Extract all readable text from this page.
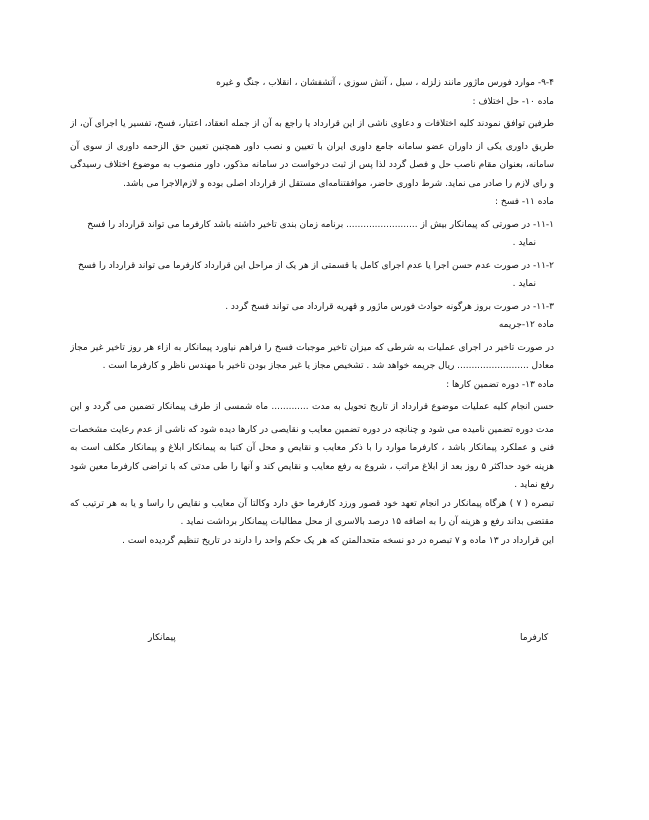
۹-۴- موارد فورس ماژور مانند زلزله ، سیل ، آتش سوزی ، آتشفشان ، انقلاب ، جنگ و غیره
ماده ۱۰- حل اختلاف :
طرفین توافق نمودند کلیه اختلافات و دعاوی ناشی از این قرارداد یا راجع به آن از جمله انعقاد، اعتبار، فسخ، تفسیر یا اجرای آن، از
طریق داوری یکی از داوران عضو سامانه جامع داوری ایران با تعیین و نصب داور همچنین تعیین حق الزحمه داوری از سوی آن
سامانه، بعنوان مقام ناصب حل و فصل گردد لذا پس از ثبت درخواست در سامانه مذکور، داور منصوب به موضوع اختلاف رسیدگی
و رای لازم را صادر می نماید. شرط داوری حاضر، موافقتنامه‌ای مستقل از قرارداد اصلی بوده و لازم‌الاجرا می باشد.
ماده ۱۱- فسخ :
۱۱-۱- در صورتی که پیمانکار بیش از ......................... برنامه زمان بندی تاخیر داشته باشد کارفرما می تواند قرارداد را فسخ
نماید .
۱۱-۲- در صورت عدم حسن اجرا یا عدم اجرای کامل یا قسمتی از هر یک از مراحل این قرارداد کارفرما می تواند قرارداد را فسخ
نماید .
۱۱-۳- در صورت بروز هرگونه حوادث فورس ماژور و قهریه قرارداد می تواند فسخ گردد .
ماده ۱۲-جریمه
در صورت تاخیر در اجرای عملیات به شرطی که میزان تاخیر موجبات فسخ را فراهم نیاورد پیمانکار به ازاء هر روز تاخیر غیر مجاز
معادل ......................... ریال جریمه خواهد شد . تشخیص مجاز یا غیر مجاز بودن تاخیر با مهندس ناظر و کارفرما است .
ماده ۱۳- دوره تضمین کارها :
حسن انجام کلیه عملیات موضوع قرارداد از تاریخ تحویل به مدت ............. ماه شمسی از طرف پیمانکار تضمین می گردد و این
مدت دوره تضمین نامیده می شود و چنانچه در دوره تضمین معایب و نقایصی در کارها دیده شود که ناشی از عدم رعایت مشخصات
فنی و عملکرد پیمانکار باشد ، کارفرما موارد را با ذکر معایب و نقایص و محل آن کتبا به پیمانکار ابلاغ و پیمانکار مکلف است به
هزینه خود حداکثر ۵ روز بعد از ابلاغ مراتب ، شروع به رفع معایب و نقایص کند و آنها را طی مدتی که با تراضی کارفرما معین شود
رفع نماید .
تبصره ( ۷ ) هرگاه پیمانکار در انجام تعهد خود قصور ورزد کارفرما حق دارد وکالتا آن معایب و نقایص را راسا و یا به هر ترتیب که
مقتضی بداند رفع و هزینه آن را به اضافه ۱۵ درصد بالاسری از محل مطالبات پیمانکار برداشت نماید .
این قرارداد در ۱۳ ماده و ۷ تبصره در دو نسخه متحدالمتن که هر یک حکم واحد را دارند در تاریخ تنظیم گردیده است .
کارفرما
پیمانکار
